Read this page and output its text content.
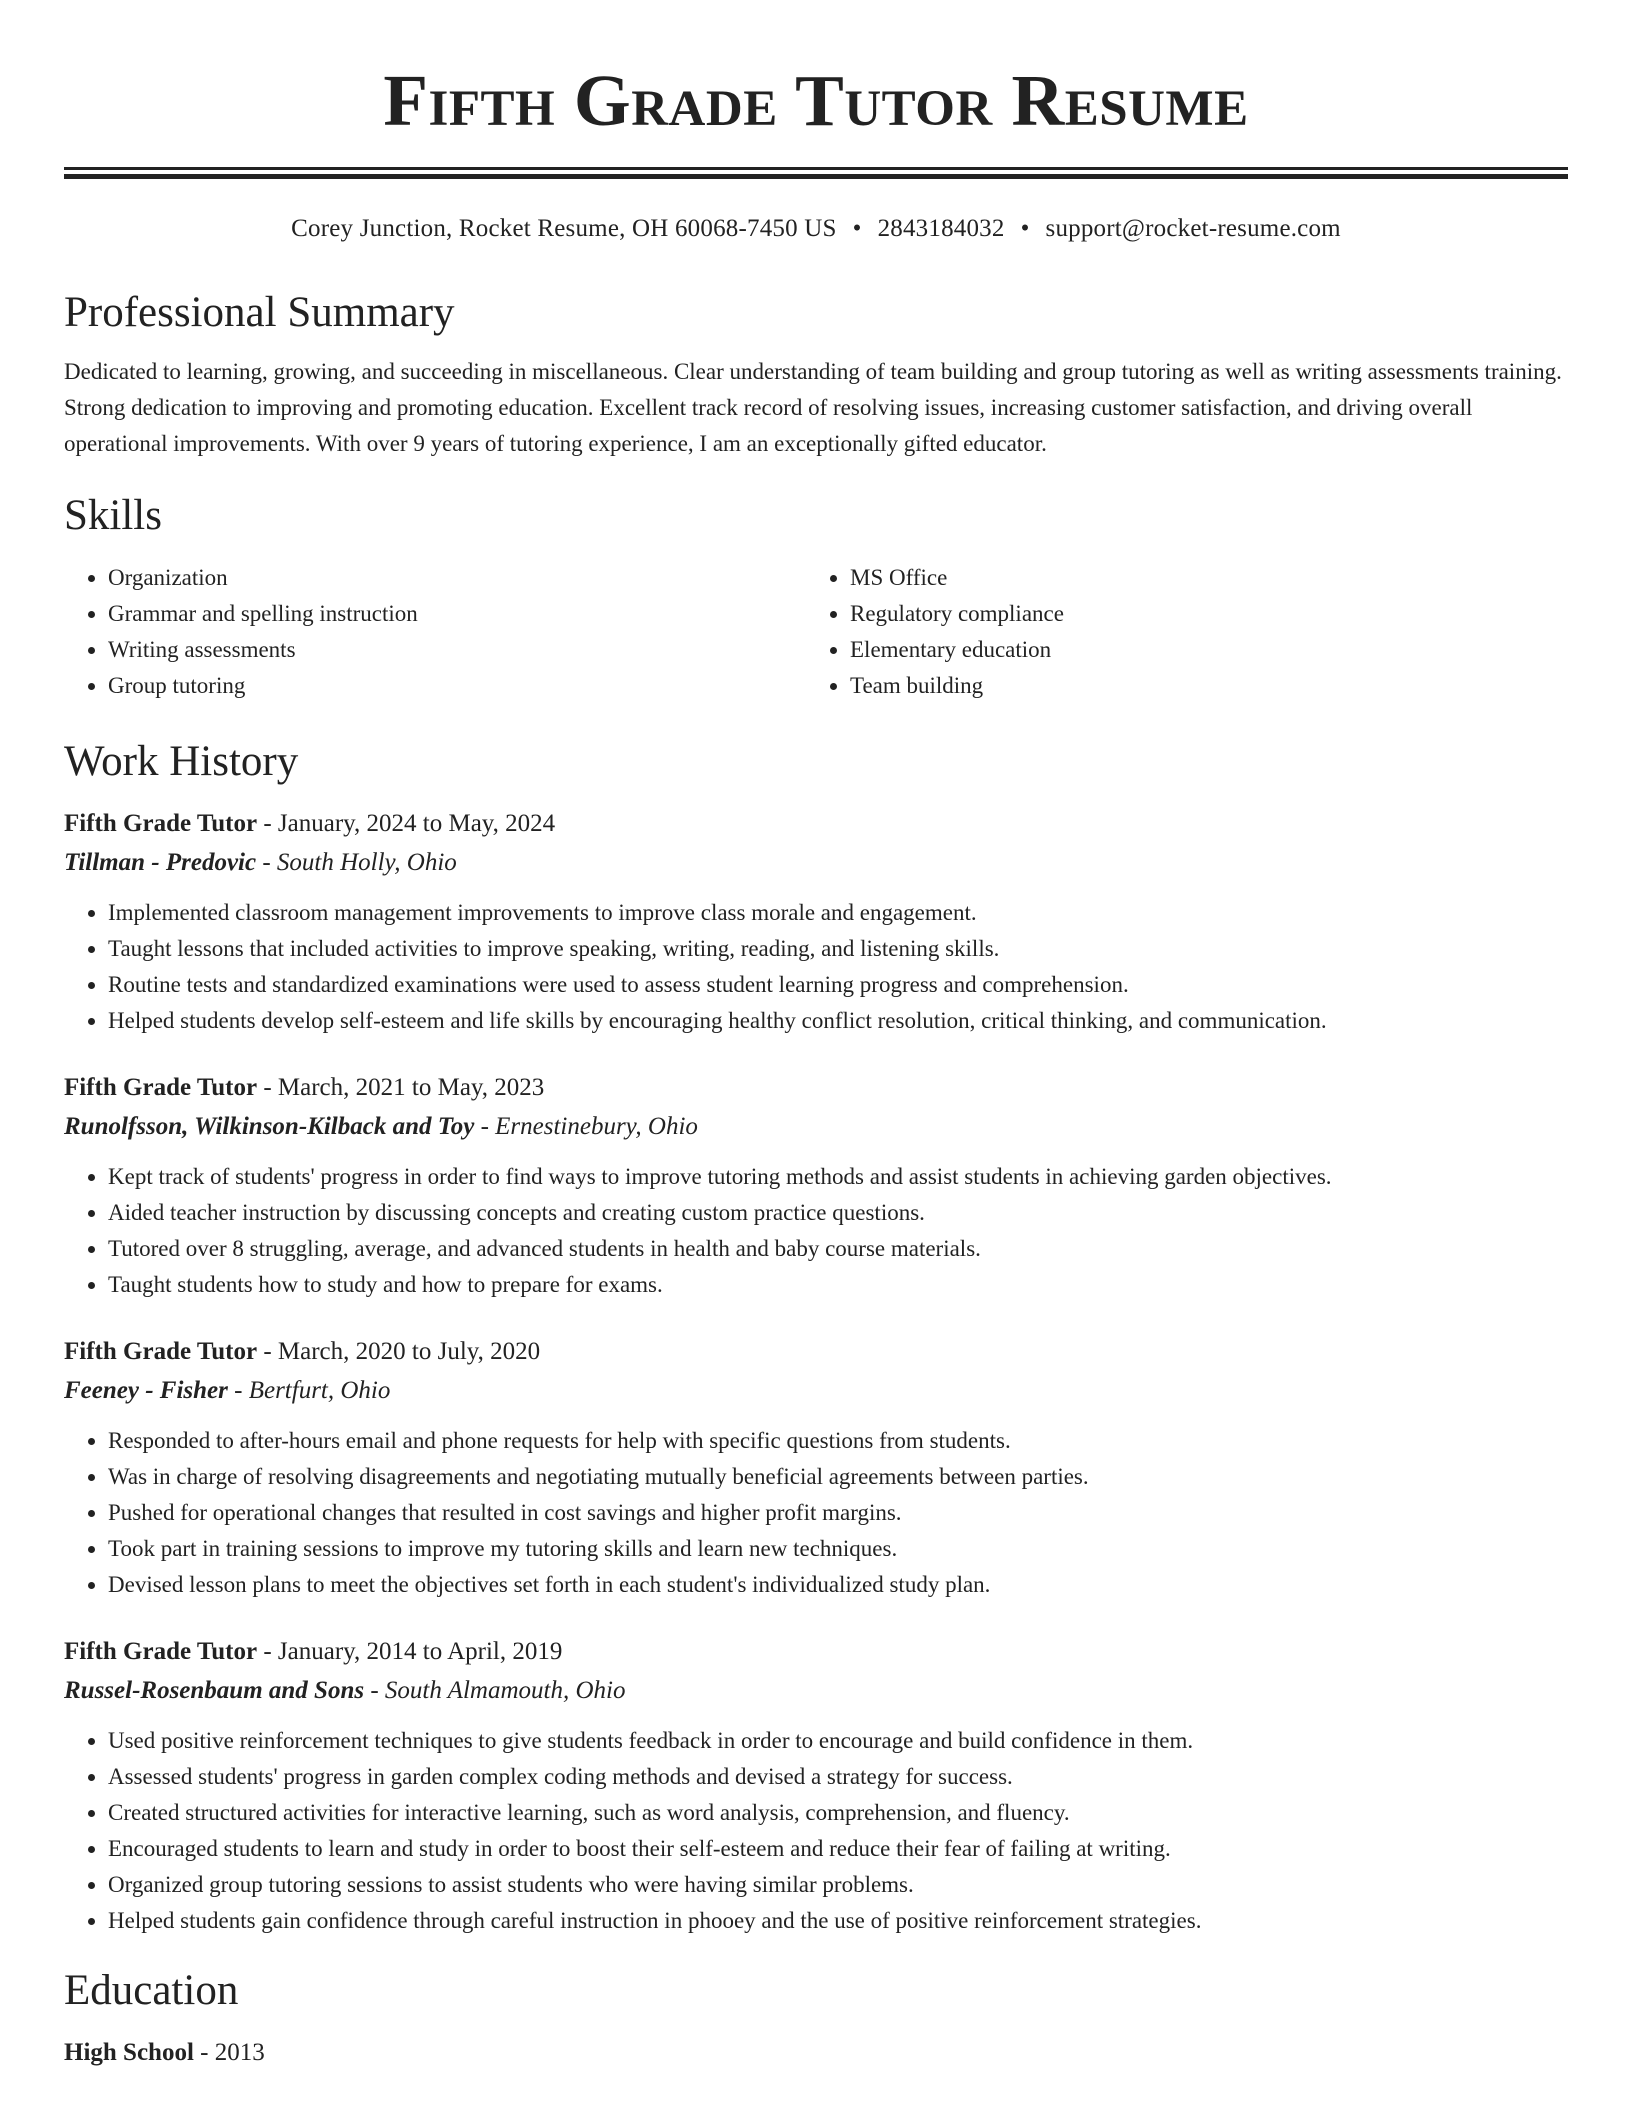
Fifth Grade Tutor Resume
Corey Junction, Rocket Resume, OH 60068-7450 US • 2843184032 • support@rocket-resume.com
Professional Summary

Dedicated to learning, growing, and succeeding in miscellaneous. Clear understanding of team building and group tutoring as well as writing assessments training. Strong dedication to improving and promoting education. Excellent track record of resolving issues, increasing customer satisfaction, and driving overall operational improvements. With over 9 years of tutoring experience, I am an exceptionally gifted educator.

Skills
• Organization
• Grammar and spelling instruction
• Writing assessments
• Group tutoring
• MS Office
• Regulatory compliance
• Elementary education
• Team building
Work History
Fifth Grade Tutor - January, 2024 to May, 2024
Tillman - Predovic - South Holly, Ohio
• Implemented classroom management improvements to improve class morale and engagement.
• Taught lessons that included activities to improve speaking, writing, reading, and listening skills.
• Routine tests and standardized examinations were used to assess student learning progress and comprehension.
• Helped students develop self-esteem and life skills by encouraging healthy conflict resolution, critical thinking, and communication.
Fifth Grade Tutor - March, 2021 to May, 2023
Runolfsson, Wilkinson-Kilback and Toy - Ernestinebury, Ohio
• Kept track of students' progress in order to find ways to improve tutoring methods and assist students in achieving garden objectives.
• Aided teacher instruction by discussing concepts and creating custom practice questions.
• Tutored over 8 struggling, average, and advanced students in health and baby course materials.
• Taught students how to study and how to prepare for exams.
Fifth Grade Tutor - March, 2020 to July, 2020
Feeney - Fisher - Bertfurt, Ohio
• Responded to after-hours email and phone requests for help with specific questions from students.
• Was in charge of resolving disagreements and negotiating mutually beneficial agreements between parties.
• Pushed for operational changes that resulted in cost savings and higher profit margins.
• Took part in training sessions to improve my tutoring skills and learn new techniques.
• Devised lesson plans to meet the objectives set forth in each student's individualized study plan.
Fifth Grade Tutor - January, 2014 to April, 2019
Russel-Rosenbaum and Sons - South Almamouth, Ohio
• Used positive reinforcement techniques to give students feedback in order to encourage and build confidence in them.
• Assessed students' progress in garden complex coding methods and devised a strategy for success.
• Created structured activities for interactive learning, such as word analysis, comprehension, and fluency.
• Encouraged students to learn and study in order to boost their self-esteem and reduce their fear of failing at writing.
• Organized group tutoring sessions to assist students who were having similar problems.
• Helped students gain confidence through careful instruction in phooey and the use of positive reinforcement strategies.
Education
High School - 2013
